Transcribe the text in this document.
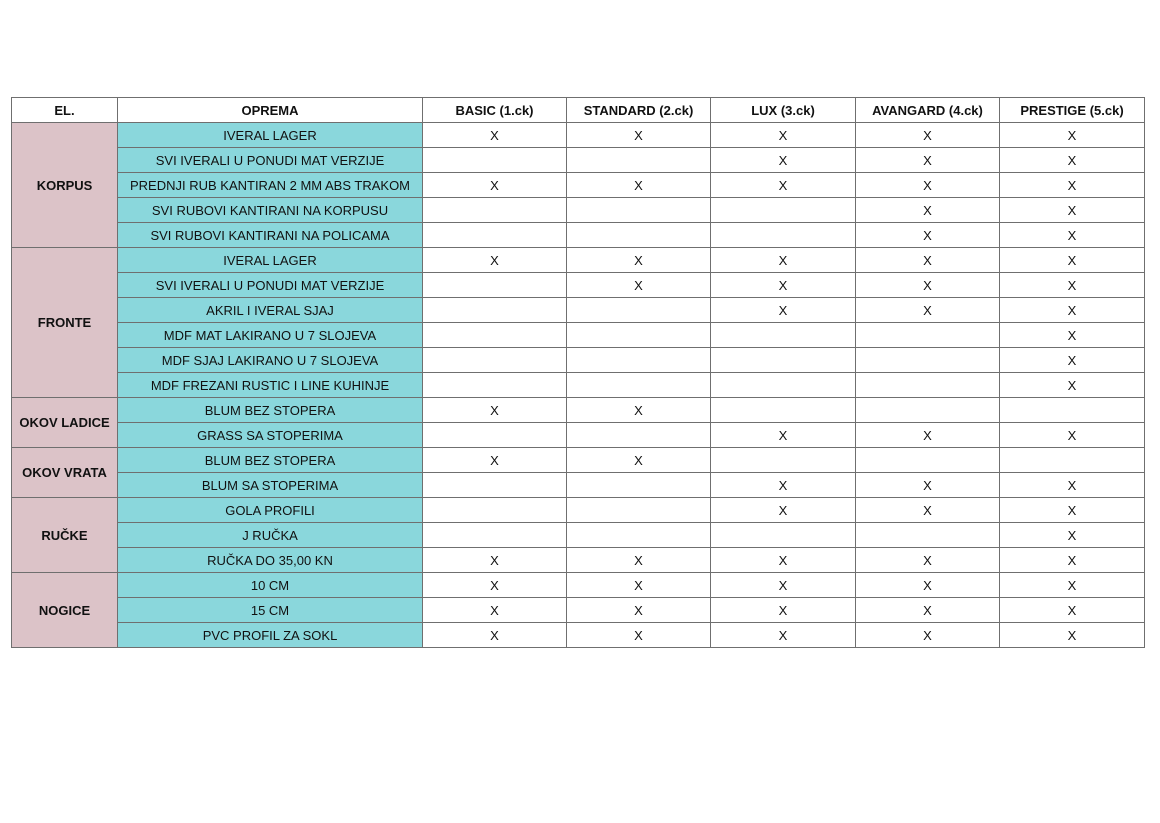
EL.	OPREMA	BASIC (1.ck)	STANDARD (2.ck)	LUX (3.ck)	AVANGARD (4.ck)	PRESTIGE (5.ck)
KORPUS	IVERAL LAGER	X	X	X	X	X
	SVI IVERALI U PONUDI MAT VERZIJE			X	X	X
	PREDNJI RUB KANTIRAN 2 MM ABS TRAKOM	X	X	X	X	X
	SVI RUBOVI KANTIRANI NA KORPUSU				X	X
	SVI RUBOVI KANTIRANI NA POLICAMA				X	X
FRONTE	IVERAL LAGER	X	X	X	X	X
	SVI IVERALI U PONUDI MAT VERZIJE		X	X	X	X
	AKRIL I IVERAL SJAJ			X	X	X
	MDF MAT LAKIRANO U 7 SLOJEVA					X
	MDF SJAJ LAKIRANO U 7 SLOJEVA					X
	MDF FREZANI RUSTIC I LINE KUHINJE					X
OKOV LADICE	BLUM BEZ STOPERA	X	X			
	GRASS SA STOPERIMA			X	X	X
OKOV VRATA	BLUM BEZ STOPERA	X	X			
	BLUM SA STOPERIMA			X	X	X
RUČKE	GOLA PROFILI			X	X	X
	J RUČKA					X
	RUČKA DO 35,00 KN	X	X	X	X	X
NOGICE	10 CM	X	X	X	X	X
	15 CM	X	X	X	X	X
	PVC PROFIL ZA SOKL	X	X	X	X	X
